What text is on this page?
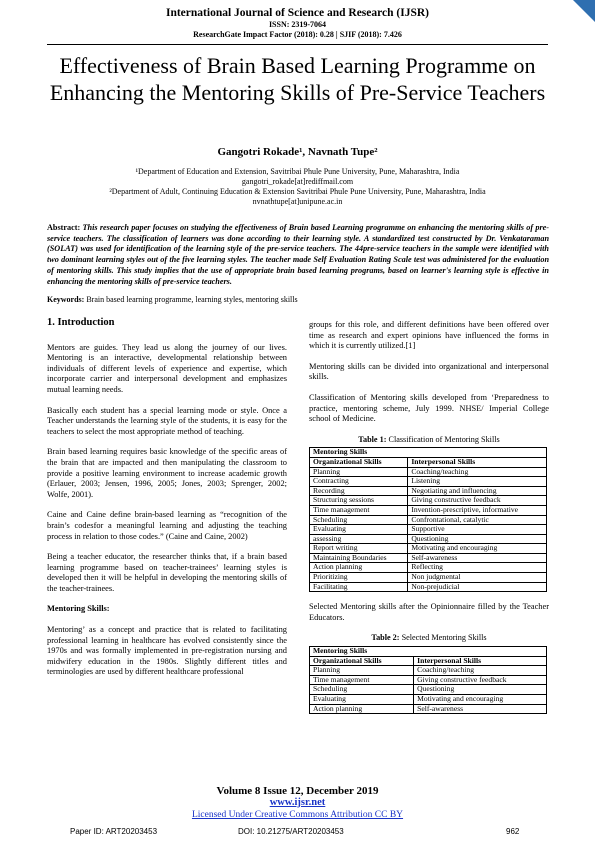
International Journal of Science and Research (IJSR)
ISSN: 2319-7064
ResearchGate Impact Factor (2018): 0.28 | SJIF (2018): 7.426
Effectiveness of Brain Based Learning Programme on Enhancing the Mentoring Skills of Pre-Service Teachers
Gangotri Rokade¹, Navnath Tupe²
¹Department of Education and Extension, Savitribai Phule Pune University, Pune, Maharashtra, India
gangotri_rokade[at]rediffmail.com
²Department of Adult, Continuing Education & Extension Savitribai Phule Pune University, Pune, Maharashtra, India
nvnathtupe[at]unipune.ac.in
Abstract: This research paper focuses on studying the effectiveness of Brain based Learning programme on enhancing the mentoring skills of pre-service teachers. The classification of learners was done according to their learning style. A standardized test constructed by Dr. Venkataraman (SOLAT) was used for identification of the learning style of the pre-service teachers. The 44pre-service teachers in the sample were identified with two dominant learning styles out of the five learning styles. The teacher made Self Evaluation Rating Scale test was administered for the evaluation of mentoring skills. This study implies that the use of appropriate brain based learning programs, based on learner's learning style is effective in enhancing the mentoring skills of pre-service teachers.
Keywords: Brain based learning programme, learning styles, mentoring skills
1. Introduction

Mentors are guides. They lead us along the journey of our lives. Mentoring is an interactive, developmental relationship between individuals of different levels of experience and expertise, which incorporate carrier and interpersonal development and emphasizes mutual learning needs.

Basically each student has a special learning mode or style. Once a Teacher understands the learning style of the students, it is easy for the teachers to select the most appropriate method of teaching.

Brain based learning requires basic knowledge of the specific areas of the brain that are impacted and then manipulating the classroom to provide a positive learning environment to increase academic growth (Erlauer, 2003; Jensen, 1996, 2005; Jones, 2003; Sprenger, 2002; Wolfe, 2001).

Caine and Caine define brain-based learning as “recognition of the brain’s codesfor a meaningful learning and adjusting the teaching process in relation to those codes.” (Caine and Caine, 2002)

Being a teacher educator, the researcher thinks that, if a brain based learning programme based on teacher-trainees’ learning styles is developed then it will be helpful in developing the mentoring skills of the teacher-trainees.

Mentoring Skills:

Mentoring’ as a concept and practice that is related to facilitating professional learning in healthcare has evolved consistently since the 1970s and was formally implemented in pre-registration nursing and midwifery education in the 1980s. Slightly different titles and terminologies are used by different healthcare professional

groups for this role, and different definitions have been offered over time as research and expert opinions have influenced the forms in which it is currently utilized.[1]

Mentoring skills can be divided into organizational and interpersonal skills.

Classification of Mentoring skills developed from ‘Preparedness to practice, mentoring scheme, July 1999. NHSE/ Imperial College school of Medicine.

Table 1: Classification of Mentoring Skills
Mentoring Skills	
Organizational Skills	Interpersonal Skills
Planning	Coaching/teaching
Contracting	Listening
Recording	Negotiating and influencing
Structuring sessions	Giving constructive feedback
Time management	Invention-prescriptive, informative
Scheduling	Confrontational, catalytic
Evaluating	Supportive
assessing	Questioning
Report writing	Motivating and encouraging
Maintaining Boundaries	Self-awareness
Action planning	Reflecting
Prioritizing	Non judgmental
Facilitating	Non-prejudicial

Selected Mentoring skills after the Opinionnaire filled by the Teacher Educators.

Table 2: Selected Mentoring Skills
Mentoring Skills	
Organizational Skills	Interpersonal Skills
Planning	Coaching/teaching
Time management	Giving constructive feedback
Scheduling	Questioning
Evaluating	Motivating and encouraging
Action planning	Self-awareness
Volume 8 Issue 12, December 2019
www.ijsr.net
Licensed Under Creative Commons Attribution CC BY
Paper ID: ART20203453	DOI: 10.21275/ART20203453	962
